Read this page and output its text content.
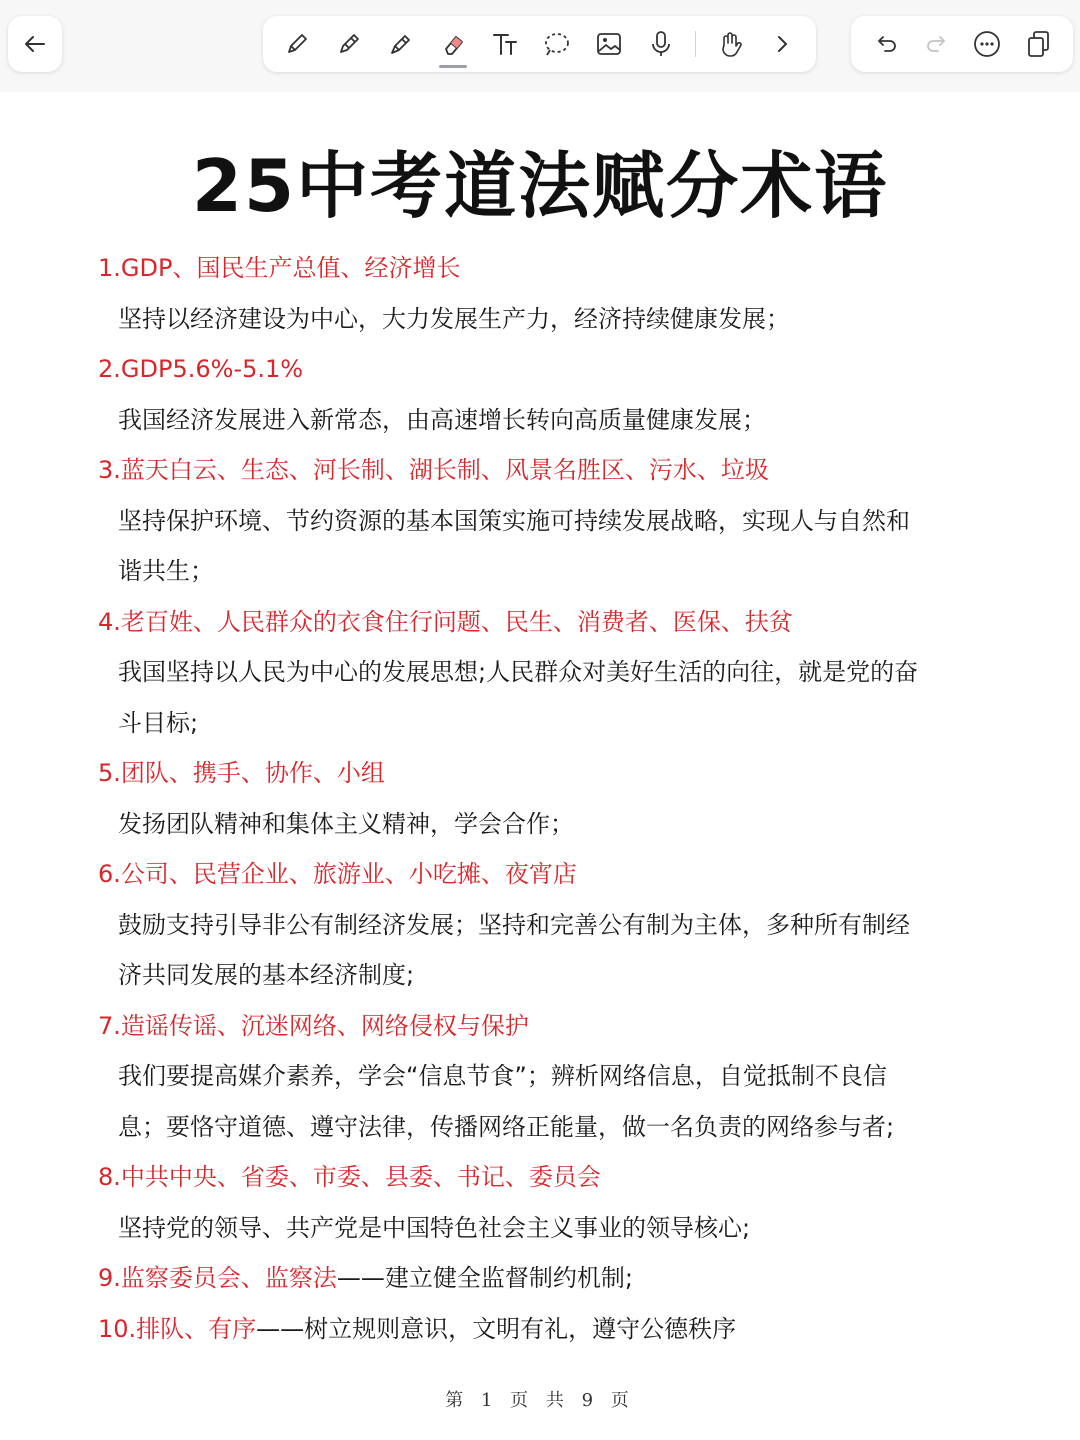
25中考道法赋分术语
1.GDP、国民生产总值、经济增长
坚持以经济建设为中心，大力发展生产力，经济持续健康发展；
2.GDP5.6%-5.1%
我国经济发展进入新常态，由高速增长转向高质量健康发展；
3.蓝天白云、生态、河长制、湖长制、风景名胜区、污水、垃圾
坚持保护环境、节约资源的基本国策实施可持续发展战略，实现人与自然和
谐共生；
4.老百姓、人民群众的衣食住行问题、民生、消费者、医保、扶贫
我国坚持以人民为中心的发展思想;人民群众对美好生活的向往，就是党的奋
斗目标;
5.团队、携手、协作、小组
发扬团队精神和集体主义精神，学会合作；
6.公司、民营企业、旅游业、小吃摊、夜宵店
鼓励支持引导非公有制经济发展；坚持和完善公有制为主体，多种所有制经
济共同发展的基本经济制度;
7.造谣传谣、沉迷网络、网络侵权与保护
我们要提高媒介素养，学会“信息节食”；辨析网络信息，自觉抵制不良信
息；要恪守道德、遵守法律，传播网络正能量，做一名负责的网络参与者;
8.中共中央、省委、市委、县委、书记、委员会
坚持党的领导、共产党是中国特色社会主义事业的领导核心;
9.监察委员会、监察法——建立健全监督制约机制;
10.排队、有序——树立规则意识，文明有礼，遵守公德秩序
第 1 页 共 9 页
